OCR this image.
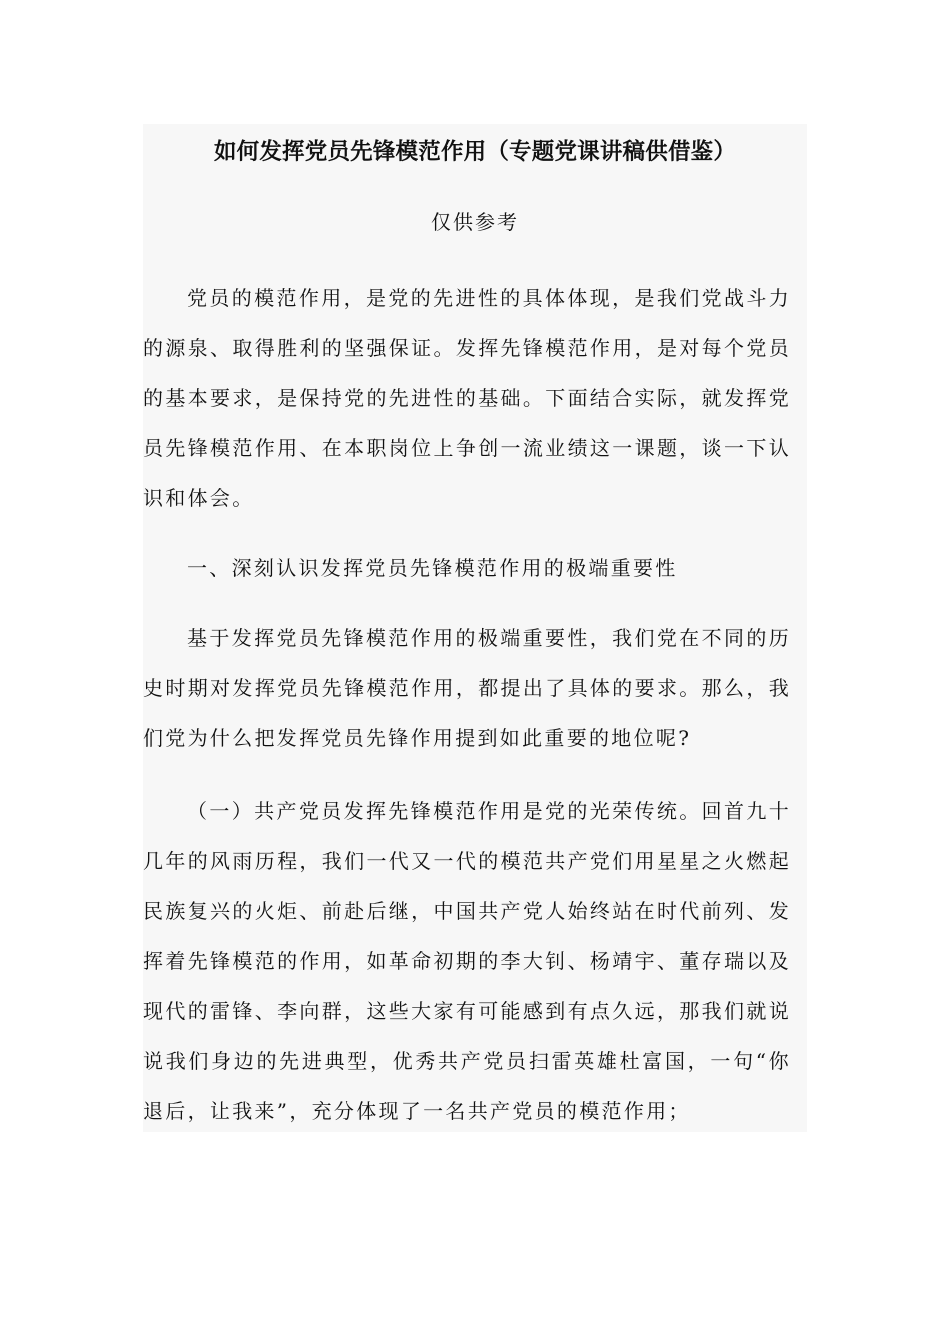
如何发挥党员先锋模范作用（专题党课讲稿供借鉴）
仅供参考

党员的模范作用，是党的先进性的具体体现，是我们党战斗力的源泉、取得胜利的坚强保证。发挥先锋模范作用，是对每个党员的基本要求，是保持党的先进性的基础。下面结合实际，就发挥党员先锋模范作用、在本职岗位上争创一流业绩这一课题，谈一下认识和体会。

一、深刻认识发挥党员先锋模范作用的极端重要性

基于发挥党员先锋模范作用的极端重要性，我们党在不同的历史时期对发挥党员先锋模范作用，都提出了具体的要求。那么，我们党为什么把发挥党员先锋作用提到如此重要的地位呢?

（一）共产党员发挥先锋模范作用是党的光荣传统。回首九十几年的风雨历程，我们一代又一代的模范共产党们用星星之火燃起民族复兴的火炬、前赴后继，中国共产党人始终站在时代前列、发挥着先锋模范的作用，如革命初期的李大钊、杨靖宇、董存瑞以及现代的雷锋、李向群，这些大家有可能感到有点久远，那我们就说说我们身边的先进典型，优秀共产党员扫雷英雄杜富国，一句“你退后，让我来”，充分体现了一名共产党员的模范作用；
